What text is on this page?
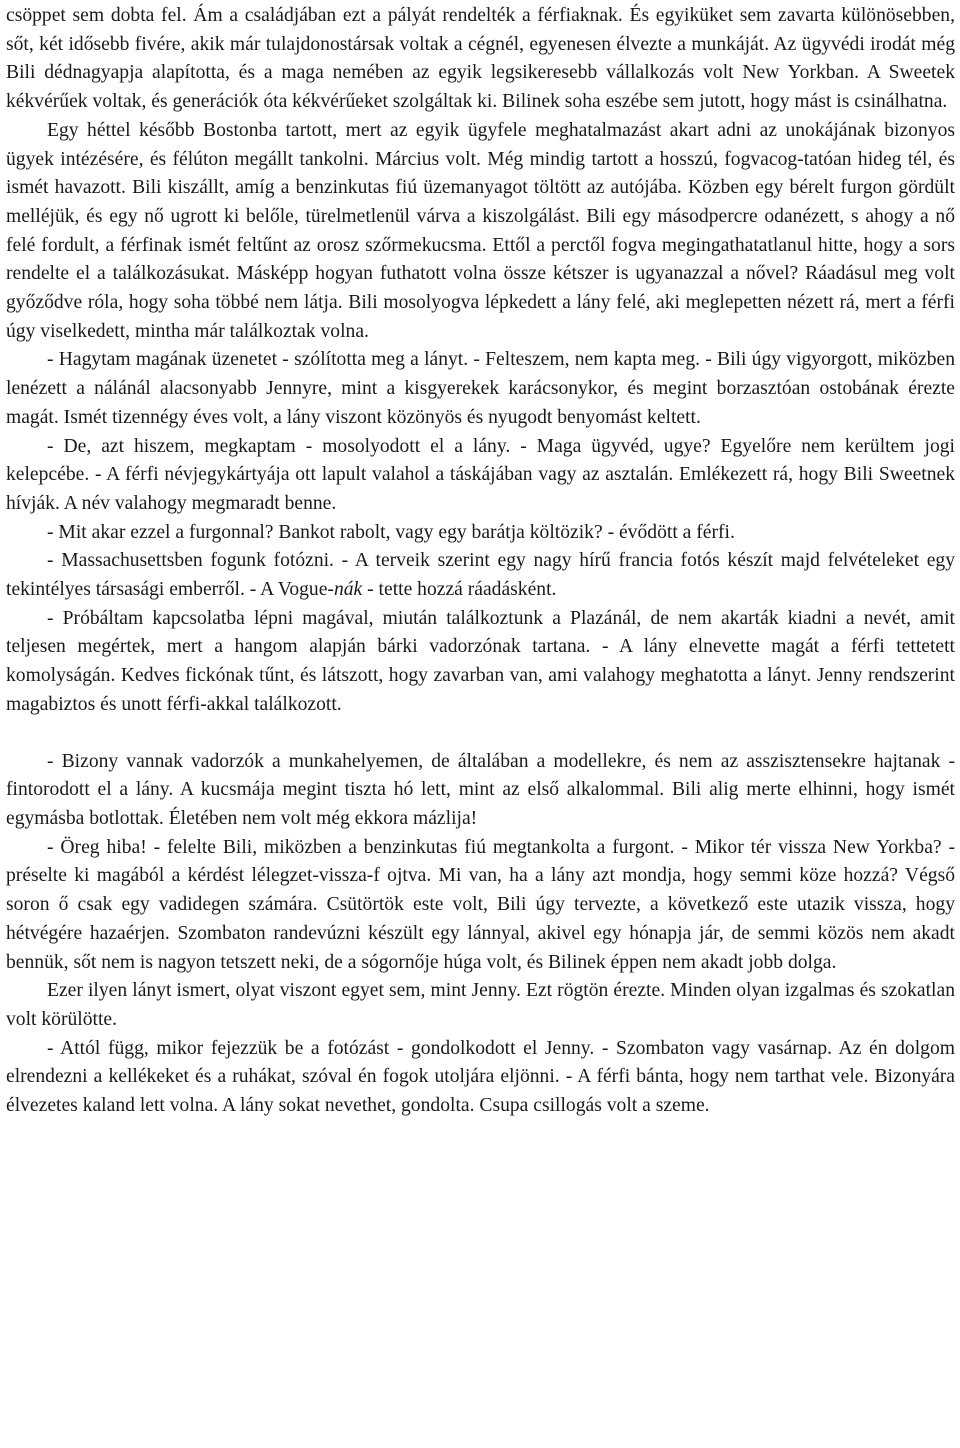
csöppet sem dobta fel. Ám a családjában ezt a pályát rendelték a férfiaknak. És egyiküket sem zavarta különösebben, sőt, két idősebb fivére, akik már tulajdonostársak voltak a cégnél, egyenesen élvezte a munkáját. Az ügyvédi irodát még Bili dédnagyapja alapította, és a maga nemében az egyik legsikeresebb vállalkozás volt New Yorkban. A Sweetek kékvérűek voltak, és generációk óta kékvérűeket szolgáltak ki. Bilinek soha eszébe sem jutott, hogy mást is csinálhatna.

Egy héttel később Bostonba tartott, mert az egyik ügyfele meghatalmazást akart adni az unokájának bizonyos ügyek intézésére, és félúton megállt tankolni. Március volt. Még mindig tartott a hosszú, fogvacog-tatóan hideg tél, és ismét havazott. Bili kiszállt, amíg a benzinkutas fiú üzemanyagot töltött az autójába. Közben egy bérelt furgon gördült melléjük, és egy nő ugrott ki belőle, türelmetlenül várva a kiszolgálást. Bili egy másodpercre odanézett, s ahogy a nő felé fordult, a férfinak ismét feltűnt az orosz szőrmekucsma. Ettől a perctől fogva megingathatatlanul hitte, hogy a sors rendelte el a találkozásukat. Másképp hogyan futhatott volna össze kétszer is ugyanazzal a nővel? Ráadásul meg volt győződve róla, hogy soha többé nem látja. Bili mosolyogva lépkedett a lány felé, aki meglepetten nézett rá, mert a férfi úgy viselkedett, mintha már találkoztak volna.

- Hagytam magának üzenetet - szólította meg a lányt. - Felteszem, nem kapta meg. - Bili úgy vigyorgott, miközben lenézett a nálánál alacsonyabb Jennyre, mint a kisgyerekek karácsonykor, és megint borzasztóan ostobának érezte magát. Ismét tizennégy éves volt, a lány viszont közönyös és nyugodt benyomást keltett.

- De, azt hiszem, megkaptam - mosolyodott el a lány. - Maga ügyvéd, ugye? Egyelőre nem kerültem jogi kelepcébe. - A férfi névjegykártyája ott lapult valahol a táskájában vagy az asztalán. Emlékezett rá, hogy Bili Sweetnek hívják. A név valahogy megmaradt benne.

- Mit akar ezzel a furgonnal? Bankot rabolt, vagy egy barátja költözik? - évődött a férfi.

- Massachusettsben fogunk fotózni. - A terveik szerint egy nagy hírű francia fotós készít majd felvételeket egy tekintélyes társasági emberről. - A Vogue-nák - tette hozzá ráadásként.

- Próbáltam kapcsolatba lépni magával, miután találkoztunk a Plazánál, de nem akarták kiadni a nevét, amit teljesen megértek, mert a hangom alapján bárki vadorzónak tartana. - A lány elnevette magát a férfi tettetett komolyságán. Kedves fickónak tűnt, és látszott, hogy zavarban van, ami valahogy meghatotta a lányt. Jenny rendszerint magabiztos és unott férfi-akkal találkozott.

- Bizony vannak vadorzók a munkahelyemen, de általában a modellekre, és nem az asszisztensekre hajtanak - fintorodott el a lány. A kucsmája megint tiszta hó lett, mint az első alkalommal. Bili alig merte elhinni, hogy ismét egymásba botlottak. Életében nem volt még ekkora mázlija!

- Öreg hiba! - felelte Bili, miközben a benzinkutas fiú megtankolta a furgont. - Mikor tér vissza New Yorkba? - préselte ki magából a kérdést lélegzet-vissza-f ojtva. Mi van, ha a lány azt mondja, hogy semmi köze hozzá? Végső soron ő csak egy vadidegen számára. Csütörtök este volt, Bili úgy tervezte, a következő este utazik vissza, hogy hétvégére hazaérjen. Szombaton randevúzni készült egy lánnyal, akivel egy hónapja jár, de semmi közös nem akadt bennük, sőt nem is nagyon tetszett neki, de a sógornője húga volt, és Bilinek éppen nem akadt jobb dolga.

Ezer ilyen lányt ismert, olyat viszont egyet sem, mint Jenny. Ezt rögtön érezte. Minden olyan izgalmas és szokatlan volt körülötte.

- Attól függ, mikor fejezzük be a fotózást - gondolkodott el Jenny. - Szombaton vagy vasárnap. Az én dolgom elrendezni a kellékeket és a ruhákat, szóval én fogok utoljára eljönni. - A férfi bánta, hogy nem tarthat vele. Bizonyára élvezetes kaland lett volna. A lány sokat nevethet, gondolta. Csupa csillogás volt a szeme.
